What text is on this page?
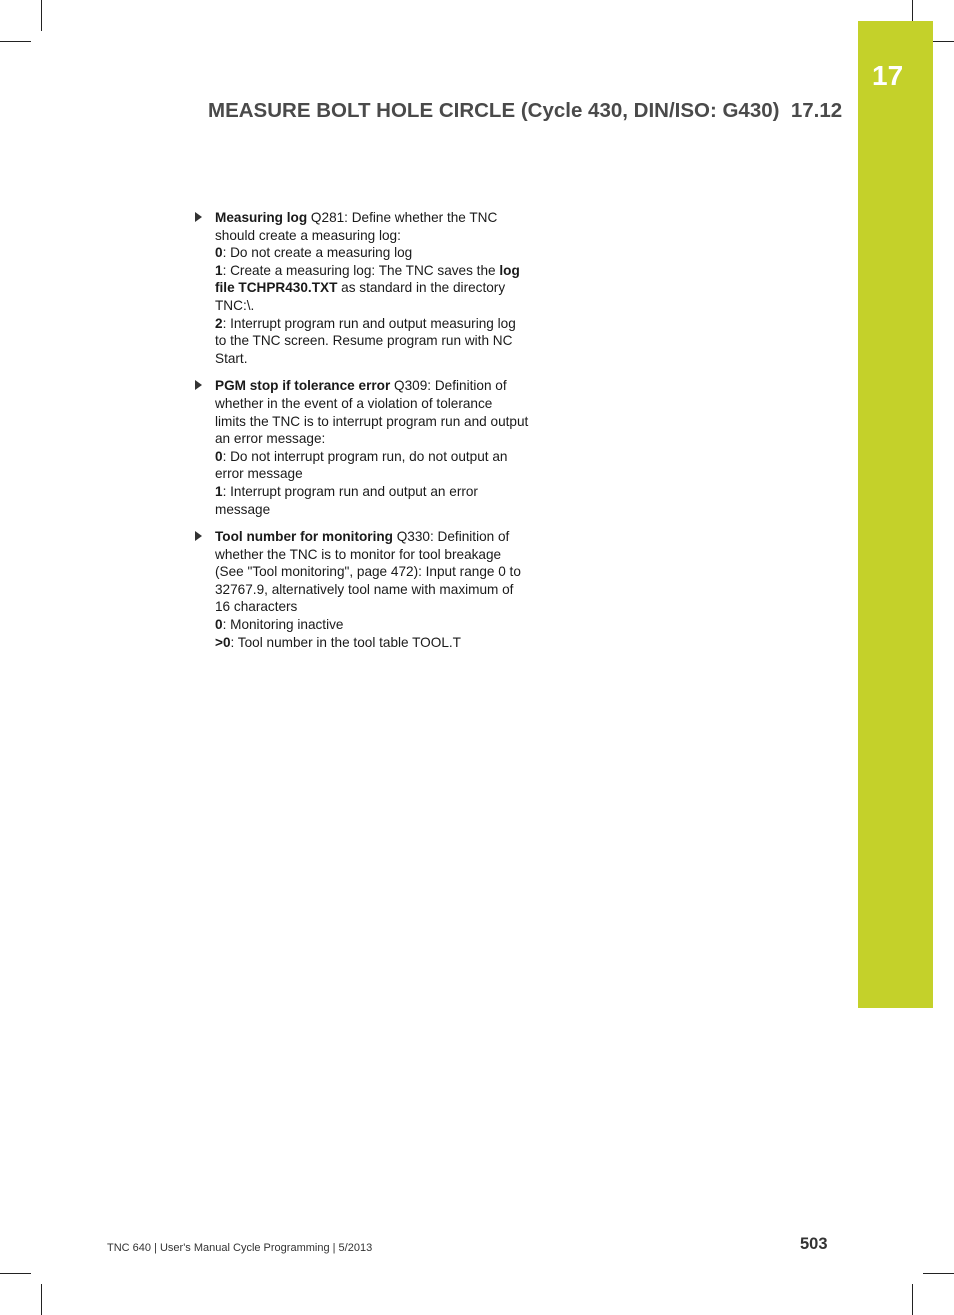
17
MEASURE BOLT HOLE CIRCLE (Cycle 430, DIN/ISO: G430) 17.12
Measuring log Q281: Define whether the TNC
should create a measuring log:
0: Do not create a measuring log
1: Create a measuring log: The TNC saves the log
file TCHPR430.TXT as standard in the directory
TNC:\.
2: Interrupt program run and output measuring log
to the TNC screen. Resume program run with NC
Start.
PGM stop if tolerance error Q309: Definition of
whether in the event of a violation of tolerance
limits the TNC is to interrupt program run and output
an error message:
0: Do not interrupt program run, do not output an
error message
1: Interrupt program run and output an error
message
Tool number for monitoring Q330: Definition of
whether the TNC is to monitor for tool breakage
(See "Tool monitoring", page 472): Input range 0 to
32767.9, alternatively tool name with maximum of
16 characters
0: Monitoring inactive
>0: Tool number in the tool table TOOL.T
TNC 640 | User's Manual Cycle Programming | 5/2013	503
